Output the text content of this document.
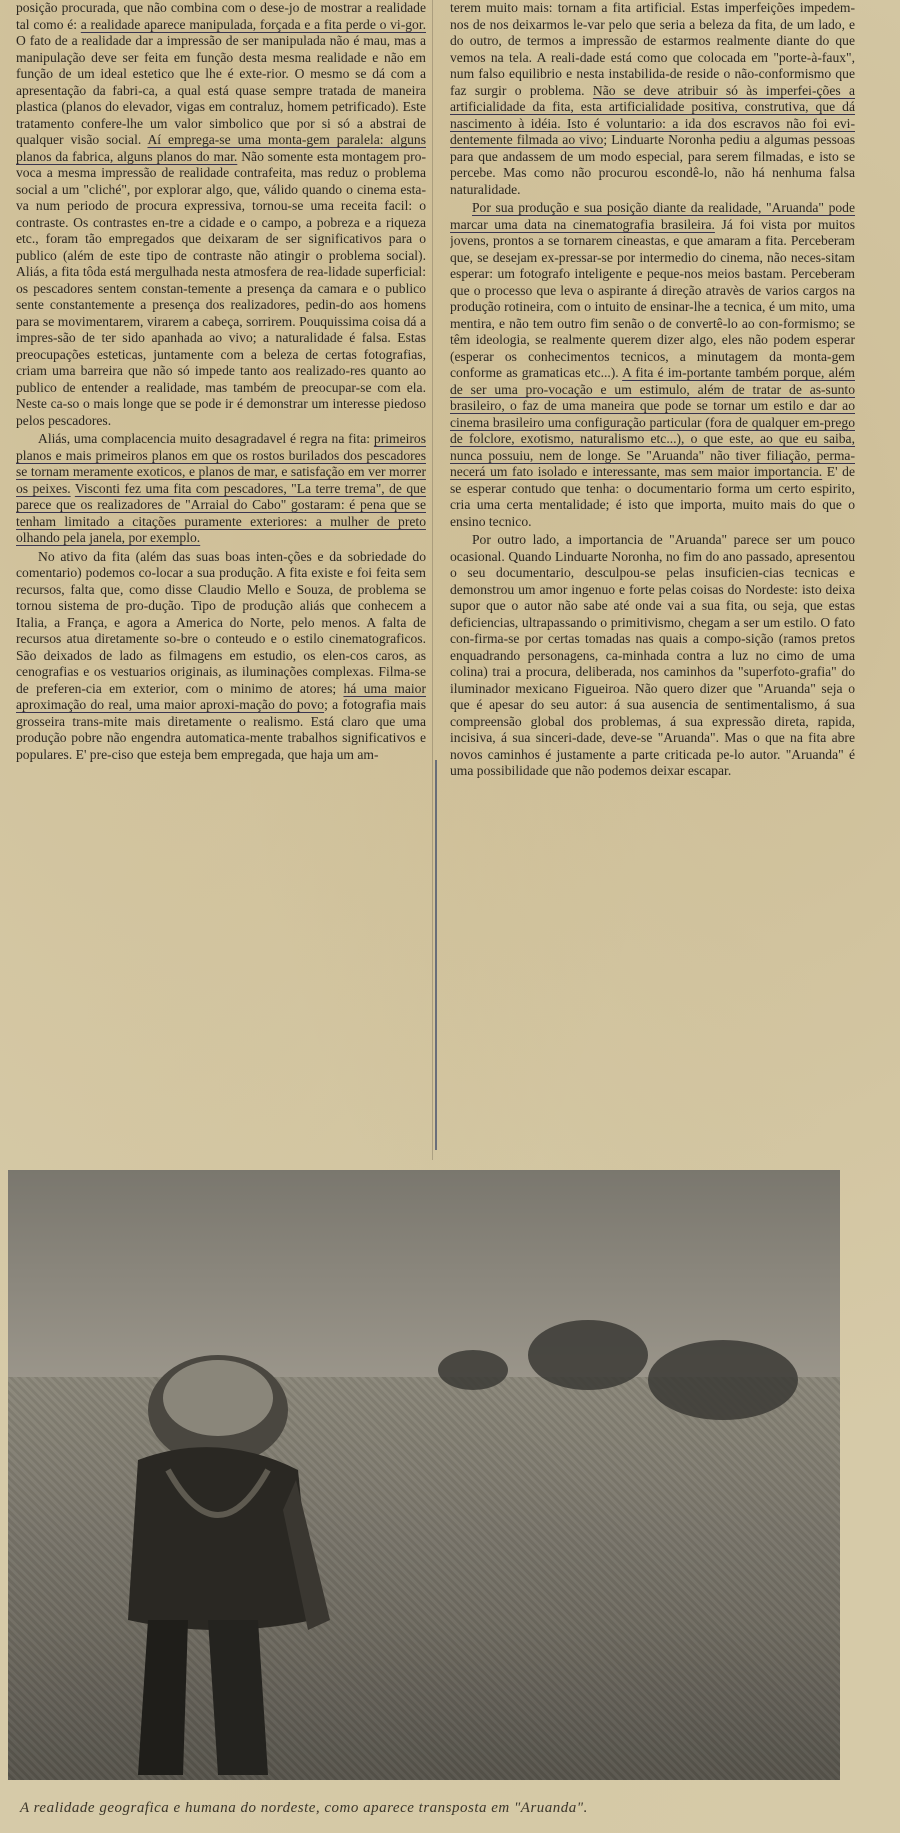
posição procurada, que não combina com o dese-jo de mostrar a realidade tal como é: a realidade aparece manipulada, forçada e a fita perde o vi-gor. O fato de a realidade dar a impressão de ser manipulada não é mau, mas a manipulação deve ser feita em função desta mesma realidade e não em função de um ideal estetico que lhe é exte-rior. O mesmo se dá com a apresentação da fabri-ca, a qual está quase sempre tratada de maneira plastica (planos do elevador, vigas em contraluz, homem petrificado). Este tratamento confere-lhe um valor simbolico que por si só a abstrai de qualquer visão social. Aí emprega-se uma monta-gem paralela: alguns planos da fabrica, alguns planos do mar. Não somente esta montagem pro-voca a mesma impressão de realidade contrafeita, mas reduz o problema social a um "cliché", por explorar algo, que, válido quando o cinema esta-va num periodo de procura expressiva, tornou-se uma receita facil: o contraste. Os contrastes en-tre a cidade e o campo, a pobreza e a riqueza etc., foram tão empregados que deixaram de ser significativos para o publico (além de este tipo de contraste não atingir o problema social). Aliás, a fita tôda está mergulhada nesta atmosfera de rea-lidade superficial: os pescadores sentem constan-temente a presença da camara e o publico sente constantemente a presença dos realizadores, pedin-do aos homens para se movimentarem, virarem a cabeça, sorrirem. Pouquissima coisa dá a impres-são de ter sido apanhada ao vivo; a naturalidade é falsa. Estas preocupações esteticas, juntamente com a beleza de certas fotografias, criam uma barreira que não só impede tanto aos realizado-res quanto ao publico de entender a realidade, mas também de preocupar-se com ela. Neste ca-so o mais longe que se pode ir é demonstrar um interesse piedoso pelos pescadores.

Aliás, uma complacencia muito desagradavel é regra na fita: primeiros planos e mais primeiros planos em que os rostos burilados dos pescadores se tornam meramente exoticos, e planos de mar, e satisfação em ver morrer os peixes. Visconti fez uma fita com pescadores, "La terre trema", de que parece que os realizadores de "Arraial do Cabo" gostaram: é pena que se tenham limitado a citações puramente exteriores: a mulher de preto olhando pela janela, por exemplo.

No ativo da fita (além das suas boas inten-ções e da sobriedade do comentario) podemos co-locar a sua produção. A fita existe e foi feita sem recursos, falta que, como disse Claudio Mello e Souza, de problema se tornou sistema de pro-dução. Tipo de produção aliás que conhecem a Italia, a França, e agora a America do Norte, pelo menos. A falta de recursos atua diretamente so-bre o conteudo e o estilo cinematograficos. São deixados de lado as filmagens em estudio, os elen-cos caros, as cenografias e os vestuarios originais, as iluminações complexas. Filma-se de preferen-cia em exterior, com o minimo de atores; há uma maior aproximação do real, uma maior aproxi-mação do povo; a fotografia mais grosseira trans-mite mais diretamente o realismo. Está claro que uma produção pobre não engendra automatica-mente trabalhos significativos e populares. E' pre-ciso que esteja bem empregada, que haja um am-

terem muito mais: tornam a fita artificial. Estas imperfeições impedem-nos de nos deixarmos le-var pelo que seria a beleza da fita, de um lado, e do outro, de termos a impressão de estarmos realmente diante do que vemos na tela. A reali-dade está como que colocada em "porte-à-faux", num falso equilibrio e nesta instabilida-de reside o não-conformismo que faz surgir o problema. Não se deve atribuir só às imperfei-ções a artificialidade da fita, esta artificialidade positiva, construtiva, que dá nascimento à idéia. Isto é voluntario: a ida dos escravos não foi evi-dentemente filmada ao vivo; Linduarte Noronha pediu a algumas pessoas para que andassem de um modo especial, para serem filmadas, e isto se percebe. Mas como não procurou escondê-lo, não há nenhuma falsa naturalidade.

Por sua produção e sua posição diante da realidade, "Aruanda" pode marcar uma data na cinematografia brasileira. Já foi vista por muitos jovens, prontos a se tornarem cineastas, e que amaram a fita. Perceberam que, se desejam ex-pressar-se por intermedio do cinema, não neces-sitam esperar: um fotografo inteligente e peque-nos meios bastam. Perceberam que o processo que leva o aspirante á direção atravès de varios cargos na produção rotineira, com o intuito de ensinar-lhe a tecnica, é um mito, uma mentira, e não tem outro fim senão o de convertê-lo ao con-formismo; se têm ideologia, se realmente querem dizer algo, eles não podem esperar (esperar os conhecimentos tecnicos, a minutagem da monta-gem conforme as gramaticas etc...). A fita é im-portante também porque, além de ser uma pro-vocação e um estimulo, além de tratar de as-sunto brasileiro, o faz de uma maneira que pode se tornar um estilo e dar ao cinema brasileiro uma configuração particular (fora de qualquer em-prego de folclore, exotismo, naturalismo etc...), o que este, ao que eu saiba, nunca possuiu, nem de longe. Se "Aruanda" não tiver filiação, perma-necerá um fato isolado e interessante, mas sem maior importancia. E' de se esperar contudo que tenha: o documentario forma um certo espirito, cria uma certa mentalidade; é isto que importa, muito mais do que o ensino tecnico.

Por outro lado, a importancia de "Aruanda" parece ser um pouco ocasional. Quando Linduarte Noronha, no fim do ano passado, apresentou o seu documentario, desculpou-se pelas insuficien-cias tecnicas e demonstrou um amor ingenuo e forte pelas coisas do Nordeste: isto deixa supor que o autor não sabe até onde vai a sua fita, ou seja, que estas deficiencias, ultrapassando o primitivismo, chegam a ser um estilo. O fato con-firma-se por certas tomadas nas quais a compo-sição (ramos pretos enquadrando personagens, ca-minhada contra a luz no cimo de uma colina) trai a procura, deliberada, nos caminhos da "superfoto-grafia" do iluminador mexicano Figueiroa. Não quero dizer que "Aruanda" seja o que é apesar do seu autor: á sua ausencia de sentimentalismo, á sua compreensão global dos problemas, á sua expressão direta, rapida, incisiva, á sua sinceri-dade, deve-se "Aruanda". Mas o que na fita abre novos caminhos é justamente a parte criticada pe-lo autor. "Aruanda" é uma possibilidade que não podemos deixar escapar.

A realidade geografica e humana do nordeste, como aparece transposta em "Aruanda".
